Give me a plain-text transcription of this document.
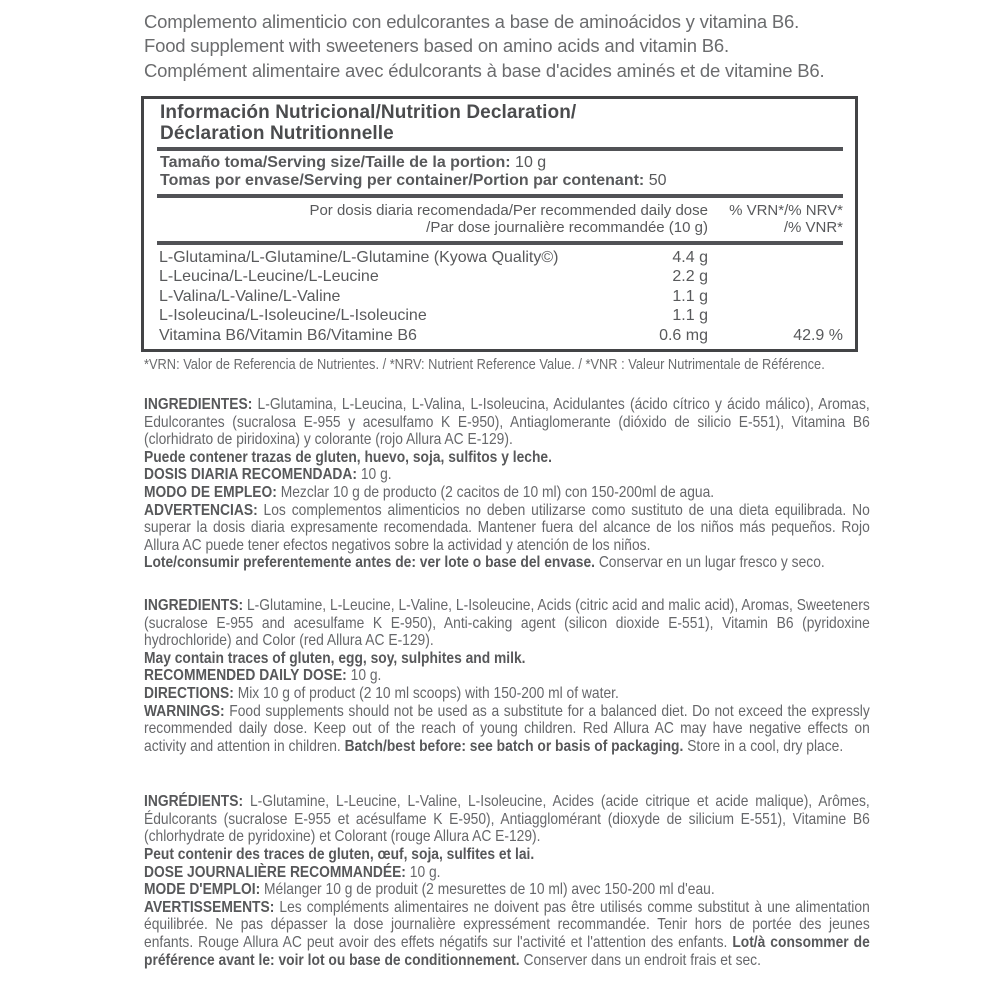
Complemento alimenticio con edulcorantes a base de aminoácidos y vitamina B6.
Food supplement with sweeteners based on amino acids and vitamin B6.
Complément alimentaire avec édulcorants à base d'acides aminés et de vitamine B6.
Información Nutricional/Nutrition Declaration/
Déclaration Nutritionnelle
Tamaño toma/Serving size/Taille de la portion: 10 g
Tomas por envase/Serving per container/Portion par contenant: 50
Por dosis diaria recomendada/Per recommended daily dose
/Par dose journalière recommandée (10 g)
% VRN*/% NRV*
/% VNR*
L-Glutamina/L-Glutamine/L-Glutamine (Kyowa Quality©)	4.4 g
L-Leucina/L-Leucine/L-Leucine	2.2 g
L-Valina/L-Valine/L-Valine	1.1 g
L-Isoleucina/L-Isoleucine/L-Isoleucine	1.1 g
Vitamina B6/Vitamin B6/Vitamine B6	0.6 mg	42.9 %
*VRN: Valor de Referencia de Nutrientes. / *NRV: Nutrient Reference Value. / *VNR : Valeur Nutrimentale de Référence.

INGREDIENTES: L-Glutamina, L-Leucina, L-Valina, L-Isoleucina, Acidulantes (ácido cítrico y ácido málico), Aromas, Edulcorantes (sucralosa E-955 y acesulfamo K E-950), Antiaglomerante (dióxido de silicio E-551), Vitamina B6 (clorhidrato de piridoxina) y colorante (rojo Allura AC E-129).

Puede contener trazas de gluten, huevo, soja, sulfitos y leche.

DOSIS DIARIA RECOMENDADA: 10 g.

MODO DE EMPLEO: Mezclar 10 g de producto (2 cacitos de 10 ml) con 150-200ml de agua.

ADVERTENCIAS: Los complementos alimenticios no deben utilizarse como sustituto de una dieta equilibrada. No superar la dosis diaria expresamente recomendada. Mantener fuera del alcance de los niños más pequeños. Rojo Allura AC puede tener efectos negativos sobre la actividad y atención de los niños.

Lote/consumir preferentemente antes de: ver lote o base del envase. Conservar en un lugar fresco y seco.

INGREDIENTS: L-Glutamine, L-Leucine, L-Valine, L-Isoleucine, Acids (citric acid and malic acid), Aromas, Sweeteners (sucralose E-955 and acesulfame K E-950), Anti-caking agent (silicon dioxide E-551), Vitamin B6 (pyridoxine hydrochloride) and Color (red Allura AC E-129).

May contain traces of gluten, egg, soy, sulphites and milk.

RECOMMENDED DAILY DOSE: 10 g.

DIRECTIONS: Mix 10 g of product (2 10 ml scoops) with 150-200 ml of water.

WARNINGS: Food supplements should not be used as a substitute for a balanced diet. Do not exceed the expressly recommended daily dose. Keep out of the reach of young children. Red Allura AC may have negative effects on activity and attention in children. Batch/best before: see batch or basis of packaging. Store in a cool, dry place.

INGRÉDIENTS: L-Glutamine, L-Leucine, L-Valine, L-Isoleucine, Acides (acide citrique et acide malique), Arômes, Édulcorants (sucralose E-955 et acésulfame K E-950), Antiagglomérant (dioxyde de silicium E-551), Vitamine B6 (chlorhydrate de pyridoxine) et Colorant (rouge Allura AC E-129).

Peut contenir des traces de gluten, œuf, soja, sulfites et lai.

DOSE JOURNALIÈRE RECOMMANDÉE: 10 g.

MODE D'EMPLOI: Mélanger 10 g de produit (2 mesurettes de 10 ml) avec 150-200 ml d'eau.

AVERTISSEMENTS: Les compléments alimentaires ne doivent pas être utilisés comme substitut à une alimentation équilibrée. Ne pas dépasser la dose journalière expressément recommandée. Tenir hors de portée des jeunes enfants. Rouge Allura AC peut avoir des effets négatifs sur l'activité et l'attention des enfants. Lot/à consommer de préférence avant le: voir lot ou base de conditionnement. Conserver dans un endroit frais et sec.
